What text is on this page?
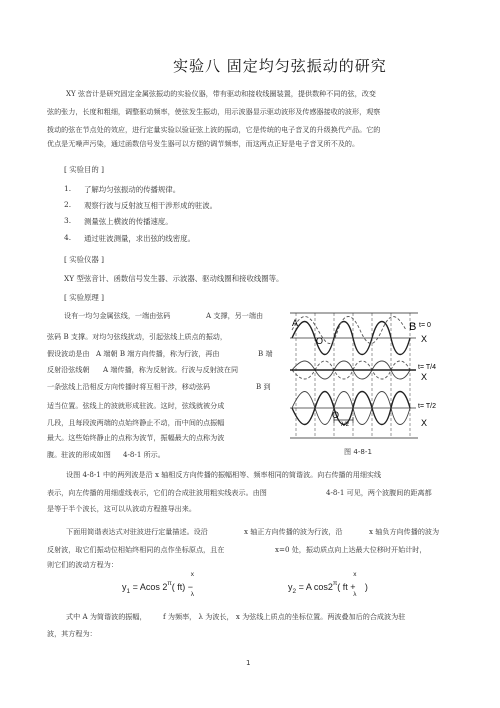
实验八 固定均匀弦振动的研究
XY 弦音计是研究固定金属弦振动的实验仪器，带有驱动和接收线圈装置，提供数种不同的弦，改变
弦的张力，长度和粗细，调整驱动频率，使弦发生振动，用示波器显示驱动波形及传感器接收的波形，观察
拨动的弦在节点处的效应，进行定量实验以验证弦上波的振动，它是传统的电子音叉的升级换代产品。它的
优点是无噪声污染，通过函数信号发生器可以方便的调节频率，而这两点正好是电子音叉所不及的。
[ 实验目的 ]
1. 了解均匀弦振动的传播规律。
2. 观察行波与反射波互相干涉形成的驻波。
3. 测量弦上横波的传播速度。
4. 通过驻波测量，求出弦的线密度。
[ 实验仪器 ]
XY 型弦音计、函数信号发生器、示波器、驱动线圈和接收线圈等。
[ 实验原理 ]
设有一均匀金属弦线，一端由弦码	A 支撑，另一端由
弦码 B 支撑。对均匀弦线扰动，引起弦线上质点的振动，
假设波动是由 A 端朝 B 端方向传播，称为行波，再由	B 端
反射沿弦线朝 A 端传播，称为反射波。行波与反射波在同
一条弦线上沿相反方向传播时将互相干涉，移动弦码	B 到
适当位置。弦线上的波就形成驻波。这时，弦线就被分成
几段，且每段波两端的点始终静止不动，而中间的点振幅
最大。这些始终静止的点称为波节，振幅最大的点称为波
腹。驻波的形成如图 4-8-1 所示。
A	B t= 0
O	X
t= T/4
X
t= T/2
O
λ/2	X
图 4-8-1
设图 4-8-1 中的两列波是沿 x 轴相反方向传播的振幅相等、频率相同的简谐波。向右传播的用细实线
表示，向左传播的用细虚线表示，它们的合成驻波用粗实线表示。由图	4-8-1 可见，两个波腹间的距离都
是等于半个波长，这可以从波动方程推导出来。
下面用简谐表达式对驻波进行定量描述。设沿	x 轴正方向传播的波为行波，沿	x 轴负方向传播的波为
反射波，取它们振动位相始终相同的点作坐标原点，且在	x=0 处，振动质点向上达最大位移时开始计时，
则它们的波动方程为：
$y_1 = Acos$ $2^\pi$( ft)
x
−
λ
$y_2 = A$ $\cos 2^\pi$( ft
x
+
λ
)
式中 A 为简谐波的振幅， f 为频率， λ 为波长， x 为弦线上质点的坐标位置。两波叠加后的合成波为驻
波，其方程为：
1
